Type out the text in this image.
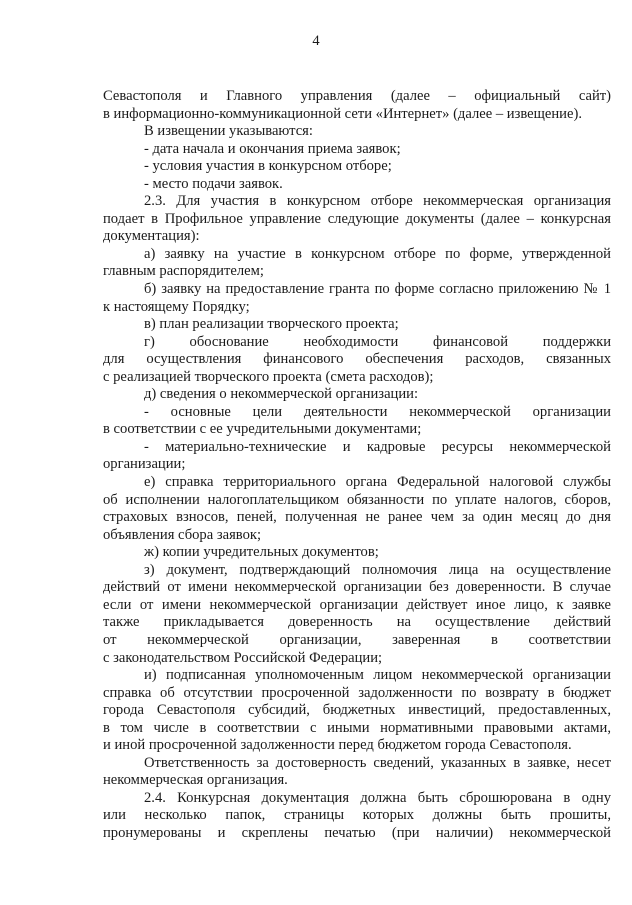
4
Севастополя и Главного управления (далее – официальный сайт)
в информационно-коммуникационной сети «Интернет» (далее – извещение).
В извещении указываются:
- дата начала и окончания приема заявок;
- условия участия в конкурсном отборе;
- место подачи заявок.
2.3. Для участия в конкурсном отборе некоммерческая организация
подает в Профильное управление следующие документы (далее – конкурсная
документация):
а) заявку на участие в конкурсном отборе по форме, утвержденной
главным распорядителем;
б) заявку на предоставление гранта по форме согласно приложению № 1
к настоящему Порядку;
в) план реализации творческого проекта;
г) обоснование необходимости финансовой поддержки
для осуществления финансового обеспечения расходов, связанных
с реализацией творческого проекта (смета расходов);
д) сведения о некоммерческой организации:
- основные цели деятельности некоммерческой организации
в соответствии с ее учредительными документами;
- материально-технические и кадровые ресурсы некоммерческой
организации;
е) справка территориального органа Федеральной налоговой службы
об исполнении налогоплательщиком обязанности по уплате налогов, сборов,
страховых взносов, пеней, полученная не ранее чем за один месяц до дня
объявления сбора заявок;
ж) копии учредительных документов;
з) документ, подтверждающий полномочия лица на осуществление
действий от имени некоммерческой организации без доверенности. В случае
если от имени некоммерческой организации действует иное лицо, к заявке
также прикладывается доверенность на осуществление действий
от некоммерческой организации, заверенная в соответствии
с законодательством Российской Федерации;
и) подписанная уполномоченным лицом некоммерческой организации
справка об отсутствии просроченной задолженности по возврату в бюджет
города Севастополя субсидий, бюджетных инвестиций, предоставленных,
в том числе в соответствии с иными нормативными правовыми актами,
и иной просроченной задолженности перед бюджетом города Севастополя.
Ответственность за достоверность сведений, указанных в заявке, несет
некоммерческая организация.
2.4. Конкурсная документация должна быть сброшюрована в одну
или несколько папок, страницы которых должны быть прошиты,
пронумерованы и скреплены печатью (при наличии) некоммерческой
